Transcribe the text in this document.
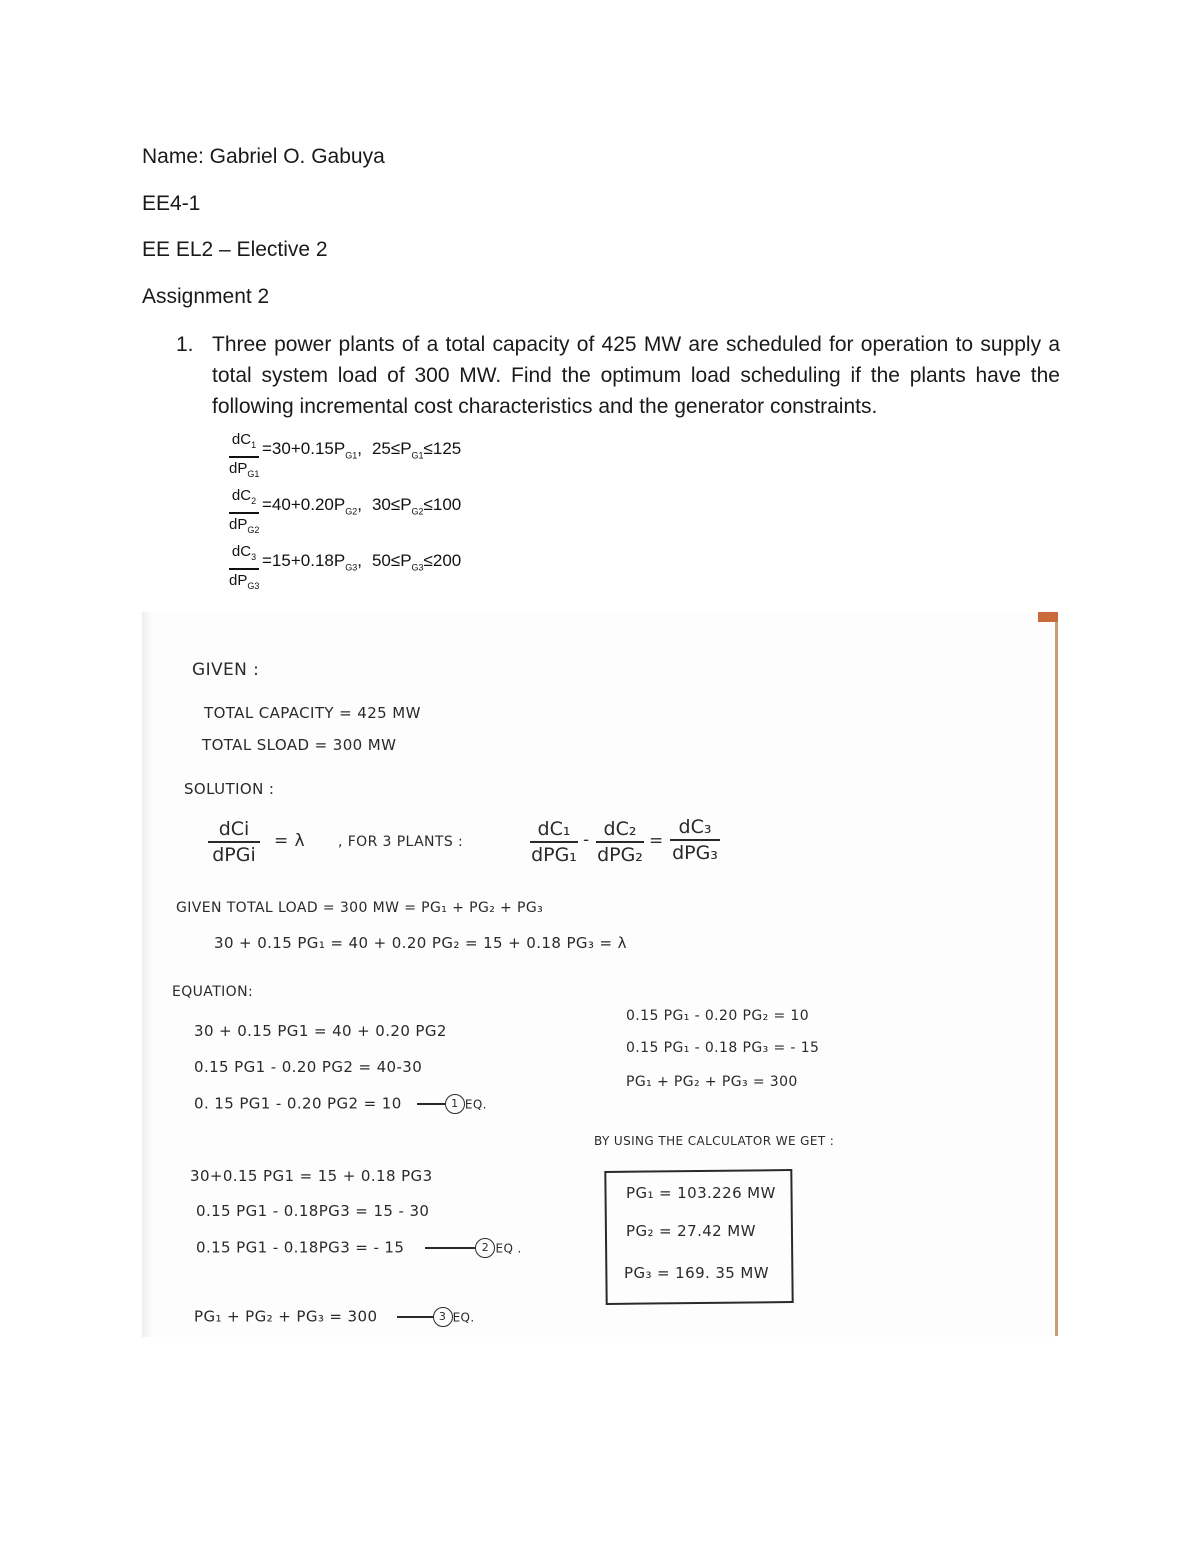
Name: Gabriel O. Gabuya

EE4-1

EE EL2 – Elective 2

Assignment 2

1. Three power plants of a total capacity of 425 MW are scheduled for operation to supply a total system load of 300 MW. Find the optimum load scheduling if the plants have the following incremental cost characteristics and the generator constraints.
$dC_1$
$dP_{G1}$
$=30+0.15P_{G1}$, $25\le P_{G1}\le 125$
$dC_2$
$dP_{G2}$
$=40+0.20P_{G2}$, $30\le P_{G2}\le 100$
$dC_3$
$dP_{G3}$
$=15+0.18P_{G3}$, $50\le P_{G3}\le 200$
GIVEN :
TOTAL CAPACITY = 425 MW
TOTAL SLOAD = 300 MW
SOLUTION :
dCi
dPGi
= λ , FOR 3 PLANTS :
dC₁
dPG₁
- dC₂
dPG₂
=
dC₃
dPG₃
GIVEN TOTAL LOAD = 300 MW = PG₁ + PG₂ + PG₃
30 + 0.15 PG₁ = 40 + 0.20 PG₂ = 15 + 0.18 PG₃ = λ
EQUATION:
30 + 0.15 PG1 = 40 + 0.20 PG2
0.15 PG1 - 0.20 PG2 = 40-30
0. 15 PG1 - 0.20 PG2 = 10	1 EQ.
30+0.15 PG1 = 15 + 0.18 PG3
0.15 PG1 - 0.18PG3 = 15 - 30
0.15 PG1 - 0.18PG3 = - 15	2 EQ .
PG₁ + PG₂ + PG₃ = 300	3 EQ.
0.15 PG₁ - 0.20 PG₂ = 10
0.15 PG₁ - 0.18 PG₃ = - 15
PG₁ + PG₂ + PG₃ = 300
BY USING THE CALCULATOR WE GET :
PG₁ = 103.226 MW
PG₂ = 27.42 MW
PG₃ = 169. 35 MW
